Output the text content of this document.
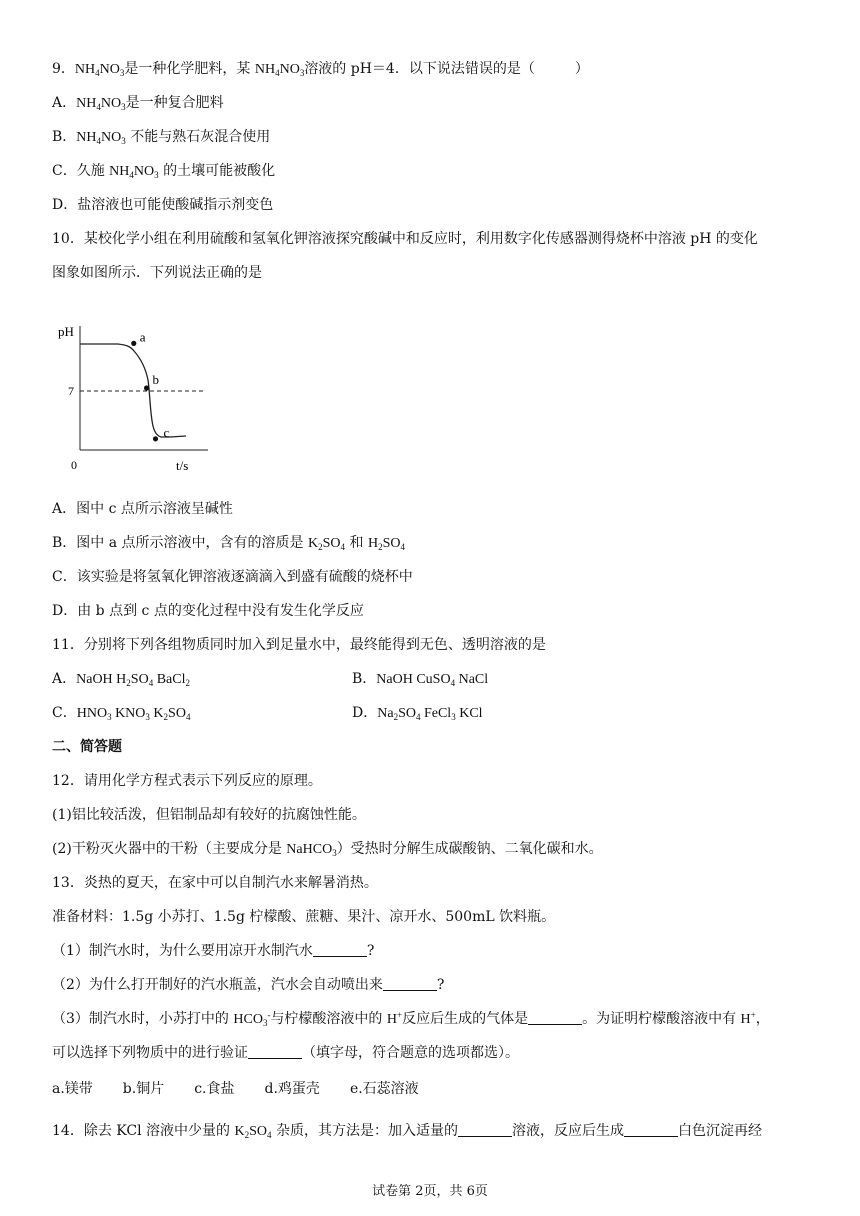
9．$NH_4NO_3$是一种化学肥料，某 $NH_4NO_3$溶液的 pH＝4．以下说法错误的是（	）
A．$NH_4NO_3$是一种复合肥料
B．$NH_4NO_3$ 不能与熟石灰混合使用
C．久施 $NH_4NO_3$ 的土壤可能被酸化
D．盐溶液也可能使酸碱指示剂变色
10．某校化学小组在利用硫酸和氢氧化钾溶液探究酸碱中和反应时，利用数字化传感器测得烧杯中溶液 pH 的变化
图象如图所示．下列说法正确的是
pH
t/s
0
7
a
b
c
A．图中 c 点所示溶液呈碱性
B．图中 a 点所示溶液中，含有的溶质是 $K_2SO_4$ 和 $H_2SO_4$
C．该实验是将氢氧化钾溶液逐滴滴入到盛有硫酸的烧杯中
D．由 b 点到 c 点的变化过程中没有发生化学反应
11．分别将下列各组物质同时加入到足量水中，最终能得到无色、透明溶液的是
A．NaOH $H_2SO_4$ BaCl$_2$	B．NaOH CuSO$_4$ NaCl
C．$HNO_3$ $KNO_3$ $K_2SO_4$	D．$Na_2SO_4$ FeCl$_3$ KCl
二、简答题
12．请用化学方程式表示下列反应的原理。
(1)铝比较活泼，但铝制品却有较好的抗腐蚀性能。
(2)干粉灭火器中的干粉（主要成分是 NaHCO$_3$）受热时分解生成碳酸钠、二氧化碳和水。
13．炎热的夏天，在家中可以自制汽水来解暑消热。
准备材料：1.5g 小苏打、1.5g 柠檬酸、蔗糖、果汁、凉开水、500mL 饮料瓶。
（1）制汽水时，为什么要用凉开水制汽水	?
（2）为什么打开制好的汽水瓶盖，汽水会自动喷出来	?
（3）制汽水时，小苏打中的 $HCO_3^-$与柠檬酸溶液中的 H+反应后生成的气体是	。为证明柠檬酸溶液中有 H+，
可以选择下列物质中的进行验证	（填字母，符合题意的选项都选）。
a.镁带 b.铜片 c.食盐 d.鸡蛋壳 e.石蕊溶液
14．除去 KCl 溶液中少量的 $K_2SO_4$ 杂质，其方法是：加入适量的	溶液，反应后生成	白色沉淀再经
试卷第 2页，共 6页
